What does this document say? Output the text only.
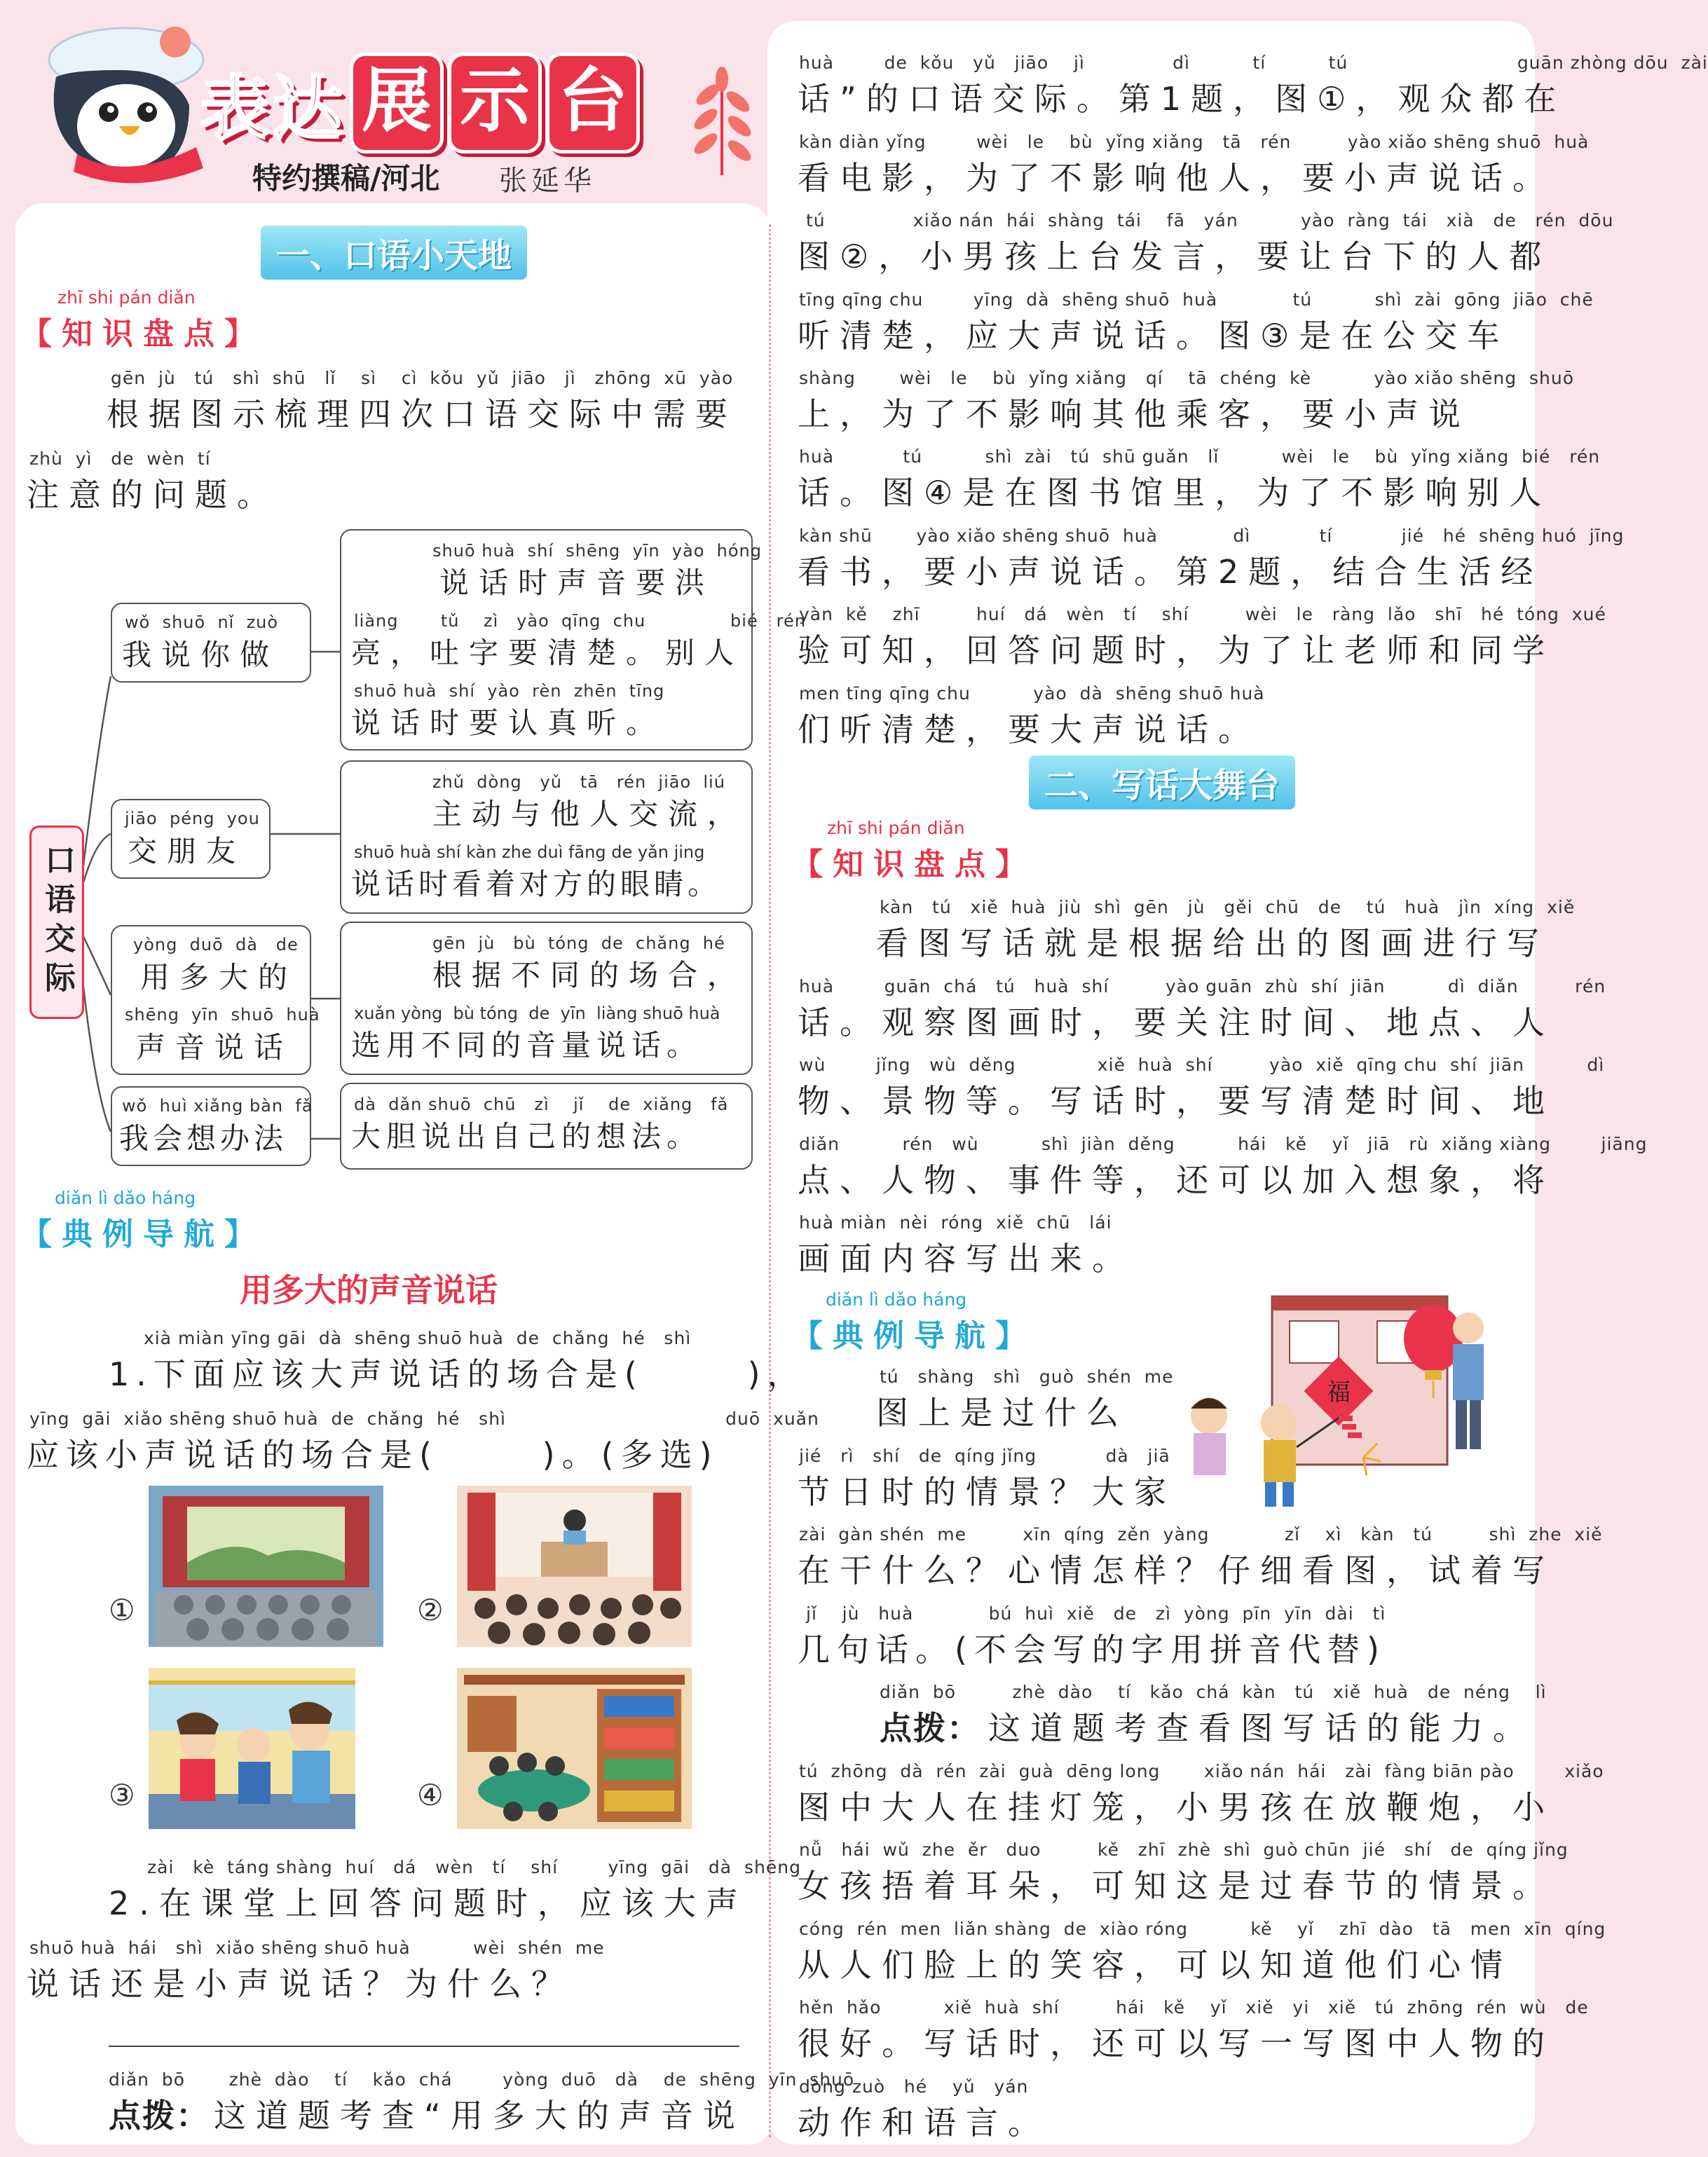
表达 展 示 台
特约撰稿/河北 张延华
一、口语小天地
zhī shi pán diǎn
【知识盘点】
gēn  jù   tú   shì  shū   lǐ    sì    cì  kǒu  yǔ  jiāo   jì   zhōng  xū  yào
根据图示梳理四次口语交际中需要
zhù  yì   de  wèn  tí
注意的问题。
口语交际
wǒ  shuō  nǐ  zuò
我说你做
shuō huà  shí  shēng  yīn  yào  hóng
说话时声音要洪
liàng       tǔ    zì   yào  qīng  chu              bié   rén
亮，吐字要清楚。别人
shuō huà  shí  yào  rèn  zhēn  tīng
说话时要认真听。
jiāo  péng  you
交朋友
zhǔ  dòng   yǔ   tā   rén  jiāo  liú
主动与他人交流，
shuō huà shí kàn zhe duì fāng de yǎn jing
说话时看着对方的眼睛。
yòng  duō  dà   de
用多大的
shēng  yīn  shuō  huà
声音说话
gēn  jù   bù  tóng  de  chǎng  hé
根据不同的场合，
xuǎn yòng  bù tóng  de  yīn  liàng shuō huà
选用不同的音量说话。
wǒ  huì xiǎng bàn  fǎ
我会想办法
dà  dǎn shuō  chū   zì    jǐ    de  xiǎng   fǎ
大胆说出自己的想法。
diǎn lì dǎo háng
【典例导航】
用多大的声音说话
xià miàn yīng gāi  dà  shēng shuō huà  de  chǎng  hé   shì
1.下面应该大声说话的场合是(      )，
yīng  gāi  xiǎo shēng shuō huà  de  chǎng  hé   shì                                   duō  xuǎn
应该小声说话的场合是(      )。(多选)
①	②
③	④
zài   kè  táng shàng  huí   dá   wèn   tí    shí        yīng  gāi   dà  shēng
2.在课堂上回答问题时，应该大声
shuō huà  hái   shì  xiǎo shēng shuō huà          wèi  shén  me
说话还是小声说话？为什么？
diǎn  bō       zhè  dào    tí    kǎo  chá        yòng  duō   dà    de  shēng  yīn  shuō
点拨： 这道题考查“用多大的声音说
huà        de  kǒu   yǔ   jiāo    jì              dì          tí          tú                           guān zhòng dōu  zài
话”的口语交际。第1题，图①，观众都在
kàn diàn yǐng        wèi   le    bù  yǐng xiǎng   tā   rén         yào xiǎo shēng shuō  huà
看电影，为了不影响他人，要小声说话。
tú              xiǎo nán  hái  shàng  tái    fā   yán          yào  ràng  tái   xià   de   rén  dōu
图②，小男孩上台发言，要让台下的人都
tīng qīng chu        yīng  dà  shēng shuō  huà            tú          shì  zài  gōng  jiāo  chē
听清楚，应大声说话。图③是在公交车
shàng       wèi   le    bù  yǐng xiǎng   qí    tā  chéng  kè          yào xiǎo shēng  shuō
上，为了不影响其他乘客，要小声说
huà           tú          shì  zài   tú  shū guǎn   lǐ          wèi   le    bù  yǐng xiǎng  bié   rén
话。图④是在图书馆里，为了不影响别人
kàn shū       yào xiǎo shēng shuō  huà            dì           tí           jié   hé  shēng huó  jīng
看书，要小声说话。第2题，结合生活经
yàn  kě    zhī         huí   dá   wèn   tí    shí         wèi   le   ràng  lǎo   shī   hé  tóng  xué
验可知，回答问题时，为了让老师和同学
men tīng qīng chu          yào  dà  shēng shuō huà
们听清楚，要大声说话。
二、写话大舞台
zhī shi pán diǎn
【知识盘点】
kàn   tú   xiě  huà  jiù  shì  gēn   jù   gěi  chū   de    tú   huà   jìn  xíng  xiě
看图写话就是根据给出的图画进行写
huà        guān  chá   tú   huà  shí         yào guān  zhù  shí  jiān          dì  diǎn         rén
话。观察图画时，要关注时间、地点、人
wù        jǐng   wù  děng             xiě  huà  shí         yào  xiě  qīng chu  shí  jiān          dì
物、景物等。写话时，要写清楚时间、地
diǎn          rén   wù          shì  jiàn  děng          hái   kě    yǐ   jiā   rù  xiǎng xiàng        jiāng
点、人物、事件等，还可以加入想象，将
huà miàn  nèi  róng  xiě  chū   lái
画面内容写出来。
diǎn lì dǎo háng
【典例导航】
福
tú   shàng   shì   guò  shén  me
图上是过什么
jié   rì   shí   de  qíng jǐng           dà   jiā
节日时的情景？大家
zài  gàn shén  me         xīn  qíng  zěn  yàng            zǐ    xì   kàn   tú         shì  zhe  xiě
在干什么？心情怎样？仔细看图，试着写
jǐ    jù   huà            bú  huì  xiě   de   zì  yòng  pīn  yīn  dài   tì
几句话。(不会写的字用拼音代替)
diǎn  bō         zhè  dào    tí   kǎo  chá  kàn   tú   xiě  huà   de  néng    lì
点拨： 这道题考查看图写话的能力。
tú  zhōng  dà  rén  zài  guà  dēng long       xiǎo nán  hái   zài  fàng biān pào        xiǎo
图中大人在挂灯笼，小男孩在放鞭炮，小
nǚ   hái  wǔ  zhe  ěr   duo         kě   zhī  zhè  shì  guò chūn  jié   shí   de  qíng jǐng
女孩捂着耳朵，可知这是过春节的情景。
cóng  rén  men  liǎn shàng  de  xiào róng          kě    yǐ    zhī  dào   tā   men  xīn  qíng
从人们脸上的笑容，可以知道他们心情
hěn  hǎo          xiě  huà  shí         hái   kě    yǐ   xiě   yi   xiě   tú  zhōng  rén  wù   de
很好。写话时，还可以写一写图中人物的
dòng zuò   hé    yǔ   yán
动作和语言。
